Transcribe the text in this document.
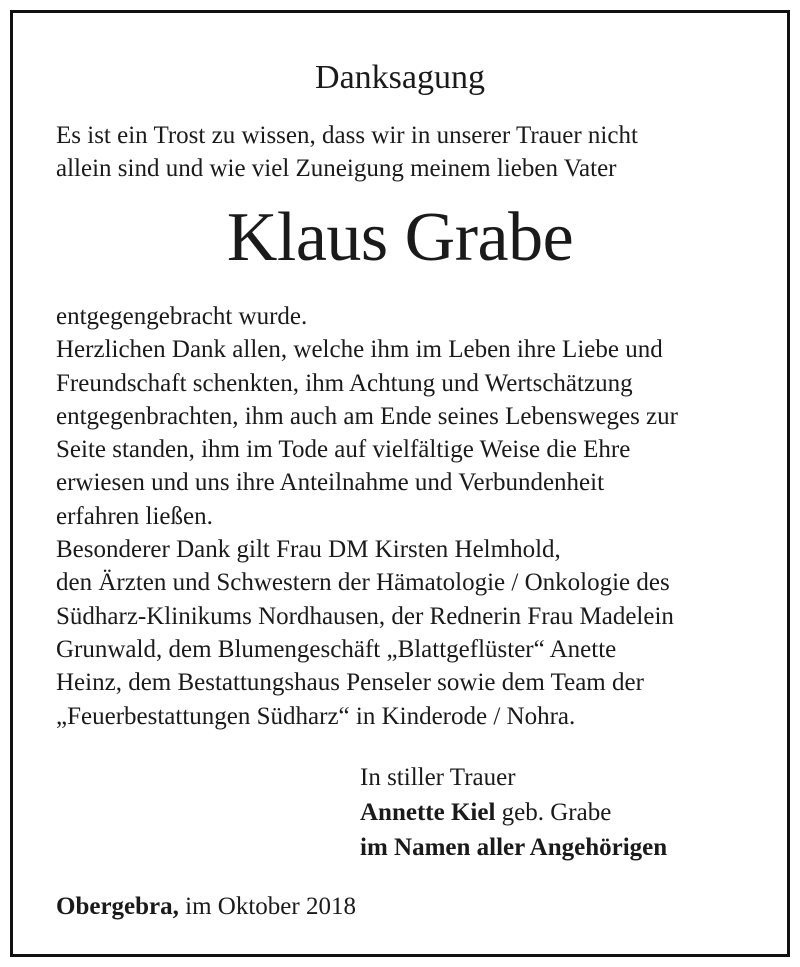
Danksagung
Es ist ein Trost zu wissen, dass wir in unserer Trauer nicht
allein sind und wie viel Zuneigung meinem lieben Vater
Klaus Grabe
entgegengebracht wurde.
Herzlichen Dank allen, welche ihm im Leben ihre Liebe und
Freundschaft schenkten, ihm Achtung und Wertschätzung
entgegenbrachten, ihm auch am Ende seines Lebensweges zur
Seite standen, ihm im Tode auf vielfältige Weise die Ehre
erwiesen und uns ihre Anteilnahme und Verbundenheit
erfahren ließen.
Besonderer Dank gilt Frau DM Kirsten Helmhold,
den Ärzten und Schwestern der Hämatologie / Onkologie des
Südharz-Klinikums Nordhausen, der Rednerin Frau Madelein
Grunwald, dem Blumengeschäft „Blattgeflüster“ Anette
Heinz, dem Bestattungshaus Penseler sowie dem Team der
„Feuerbestattungen Südharz“ in Kinderode / Nohra.
In stiller Trauer
Annette Kiel geb. Grabe
im Namen aller Angehörigen
Obergebra, im Oktober 2018
